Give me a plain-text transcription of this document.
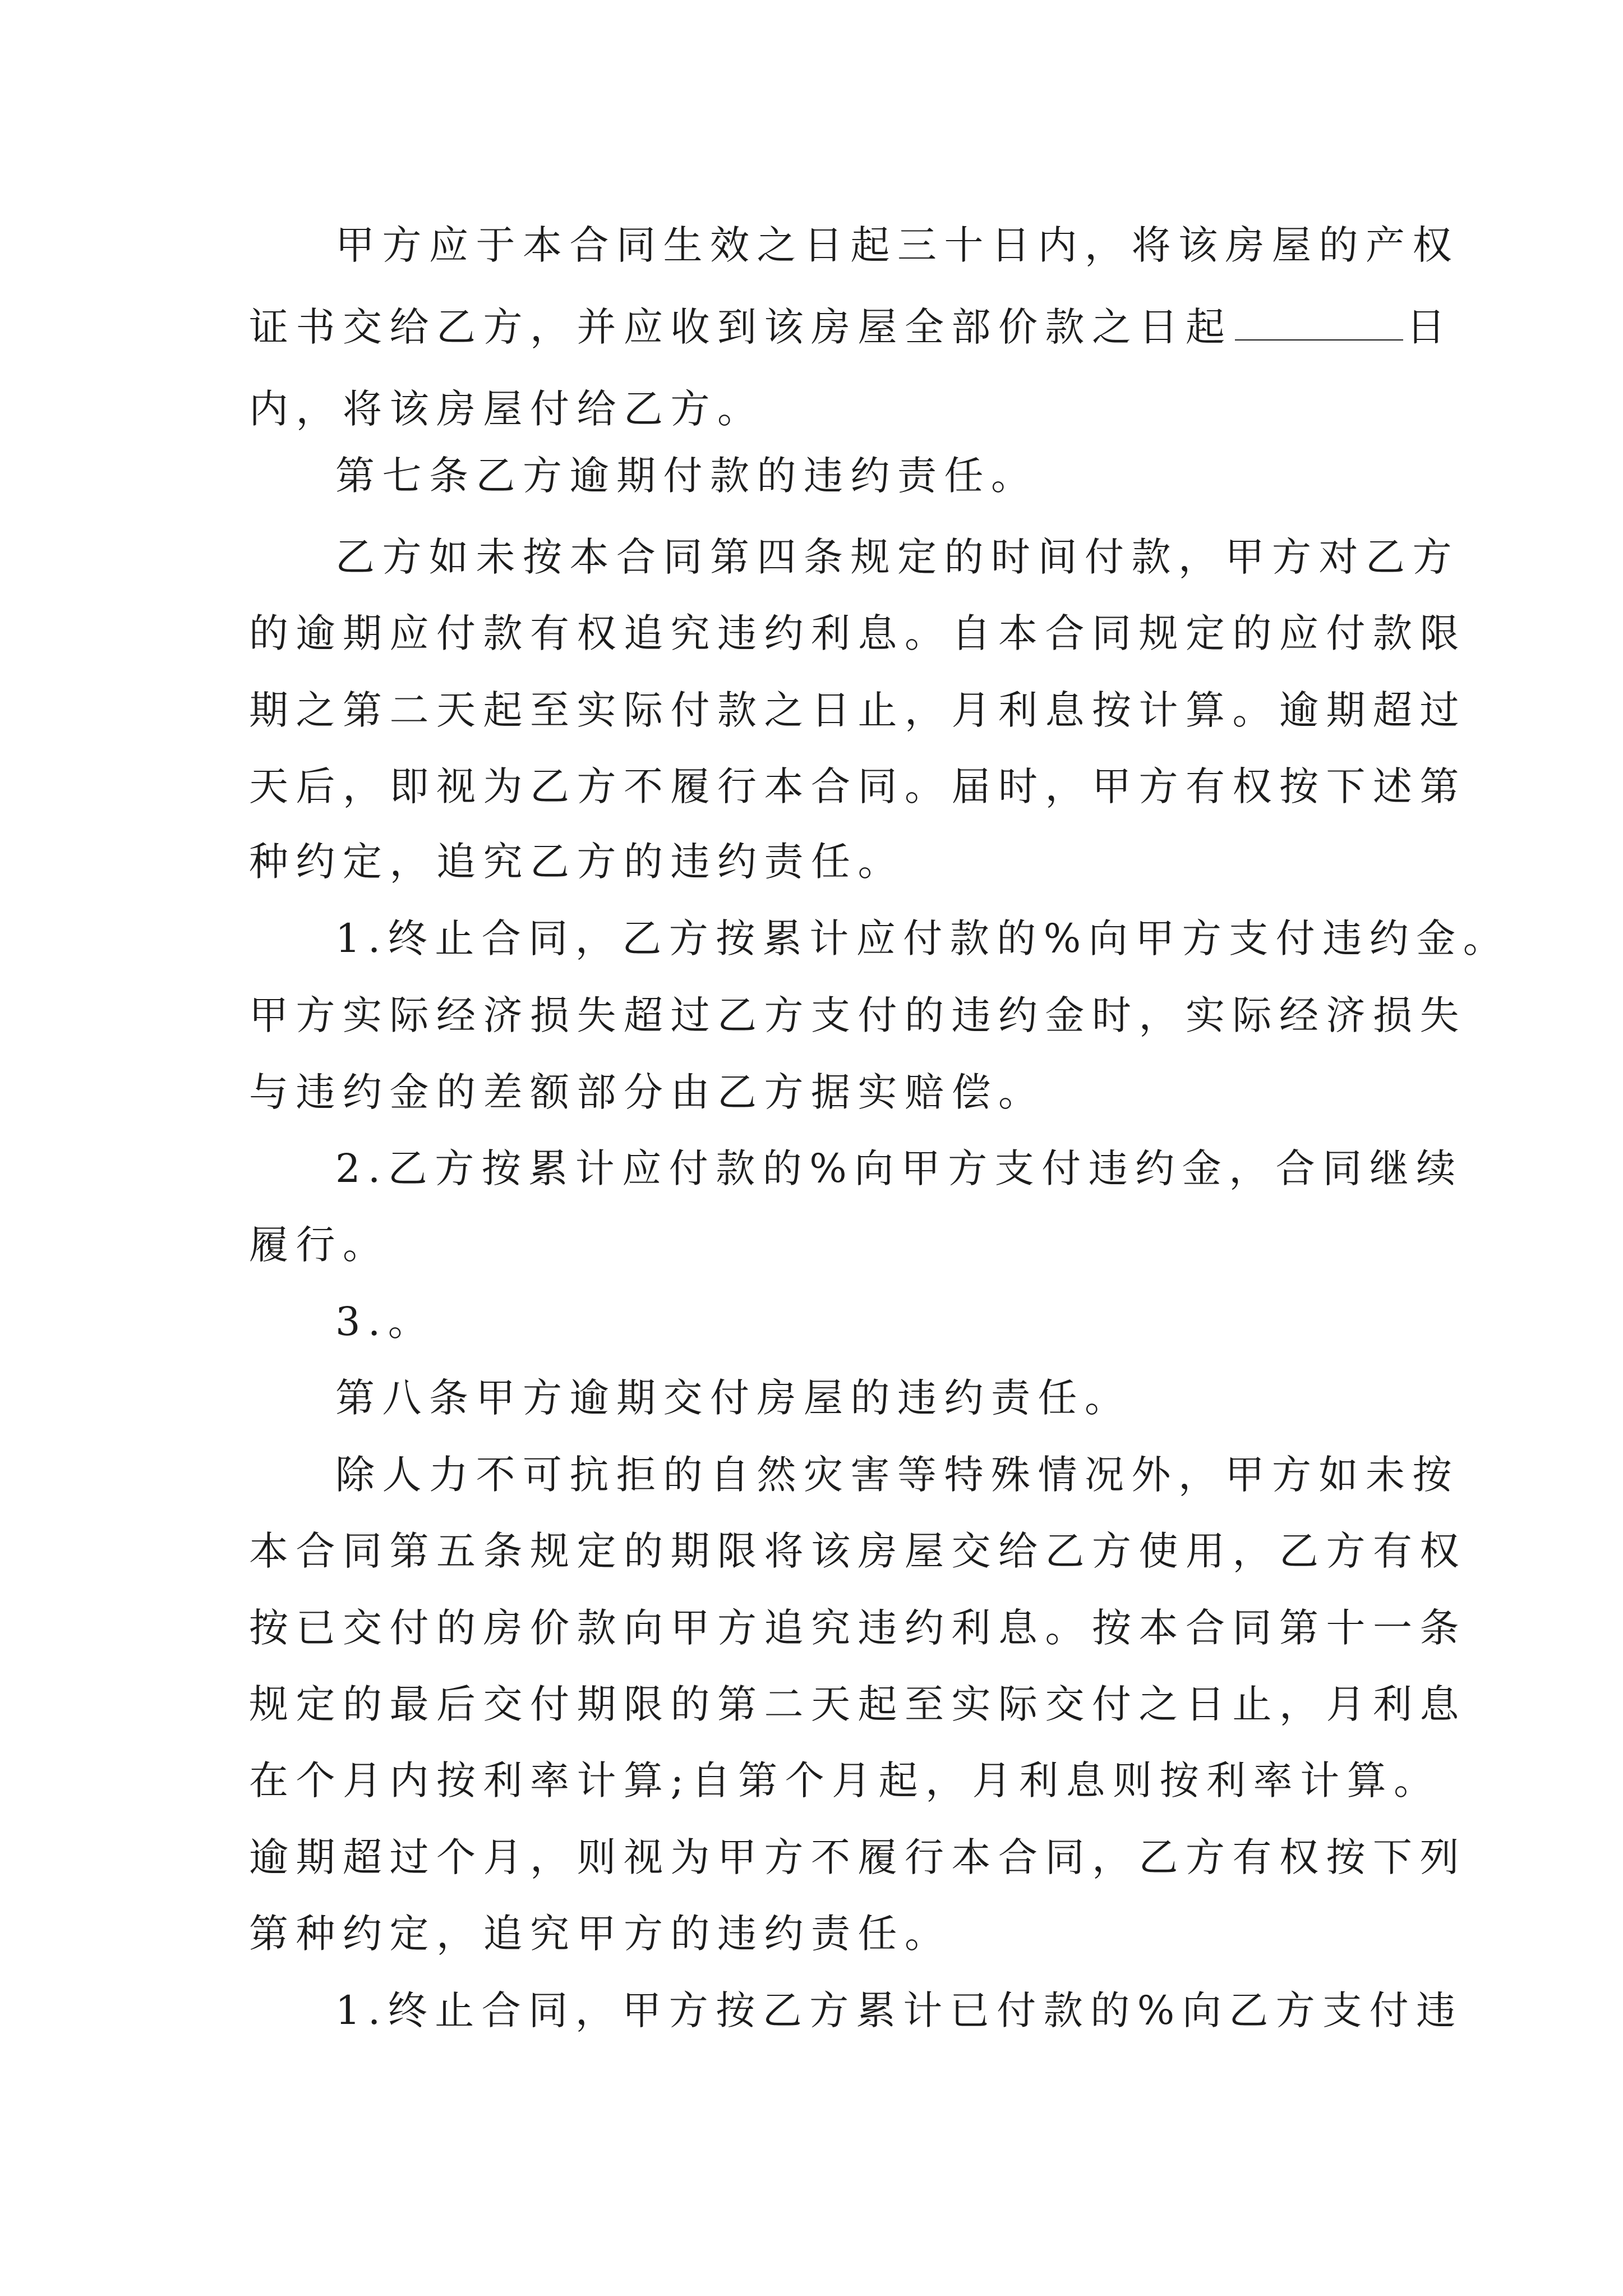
甲方应于本合同生效之日起三十日内，将该房屋的产权
证书交给乙方，并应收到该房屋全部价款之日起	日
内，将该房屋付给乙方。
第七条乙方逾期付款的违约责任。
乙方如未按本合同第四条规定的时间付款，甲方对乙方
的逾期应付款有权追究违约利息。自本合同规定的应付款限
期之第二天起至实际付款之日止，月利息按计算。逾期超过
天后，即视为乙方不履行本合同。届时，甲方有权按下述第
种约定，追究乙方的违约责任。
1.终止合同，乙方按累计应付款的%向甲方支付违约金。
甲方实际经济损失超过乙方支付的违约金时，实际经济损失
与违约金的差额部分由乙方据实赔偿。
2.乙方按累计应付款的%向甲方支付违约金，合同继续
履行。
3.。
第八条甲方逾期交付房屋的违约责任。
除人力不可抗拒的自然灾害等特殊情况外，甲方如未按
本合同第五条规定的期限将该房屋交给乙方使用，乙方有权
按已交付的房价款向甲方追究违约利息。按本合同第十一条
规定的最后交付期限的第二天起至实际交付之日止，月利息
在个月内按利率计算;自第个月起，月利息则按利率计算。
逾期超过个月，则视为甲方不履行本合同，乙方有权按下列
第种约定，追究甲方的违约责任。
1.终止合同，甲方按乙方累计已付款的%向乙方支付违
